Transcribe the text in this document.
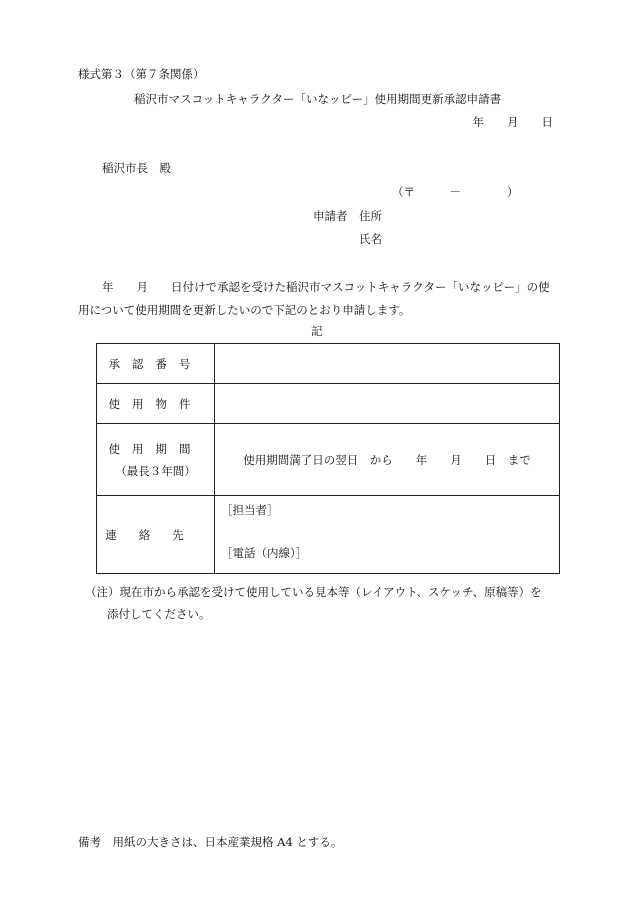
様式第３（第７条関係）
稲沢市マスコットキャラクター「いなッピー」使用期間更新承認申請書
年　　月　　日
稲沢市長　殿
（〒　　　－　　　　）
申請者　住所
氏名
年　　月　　日付けで承認を受けた稲沢市マスコットキャラクター「いなッピー」の使
用について使用期間を更新したいので下記のとおり申請します。
記
承認番号	
使用物件	
使用期間
（最長３年間）	使用期間満了日の翌日　から　　年　　月　　日　まで
連絡先	［担当者］
［電話（内線）］
（注）現在市から承認を受けて使用している見本等（レイアウト、スケッチ、原稿等）を
添付してください。
備考　用紙の大きさは、日本産業規格 A4 とする。
